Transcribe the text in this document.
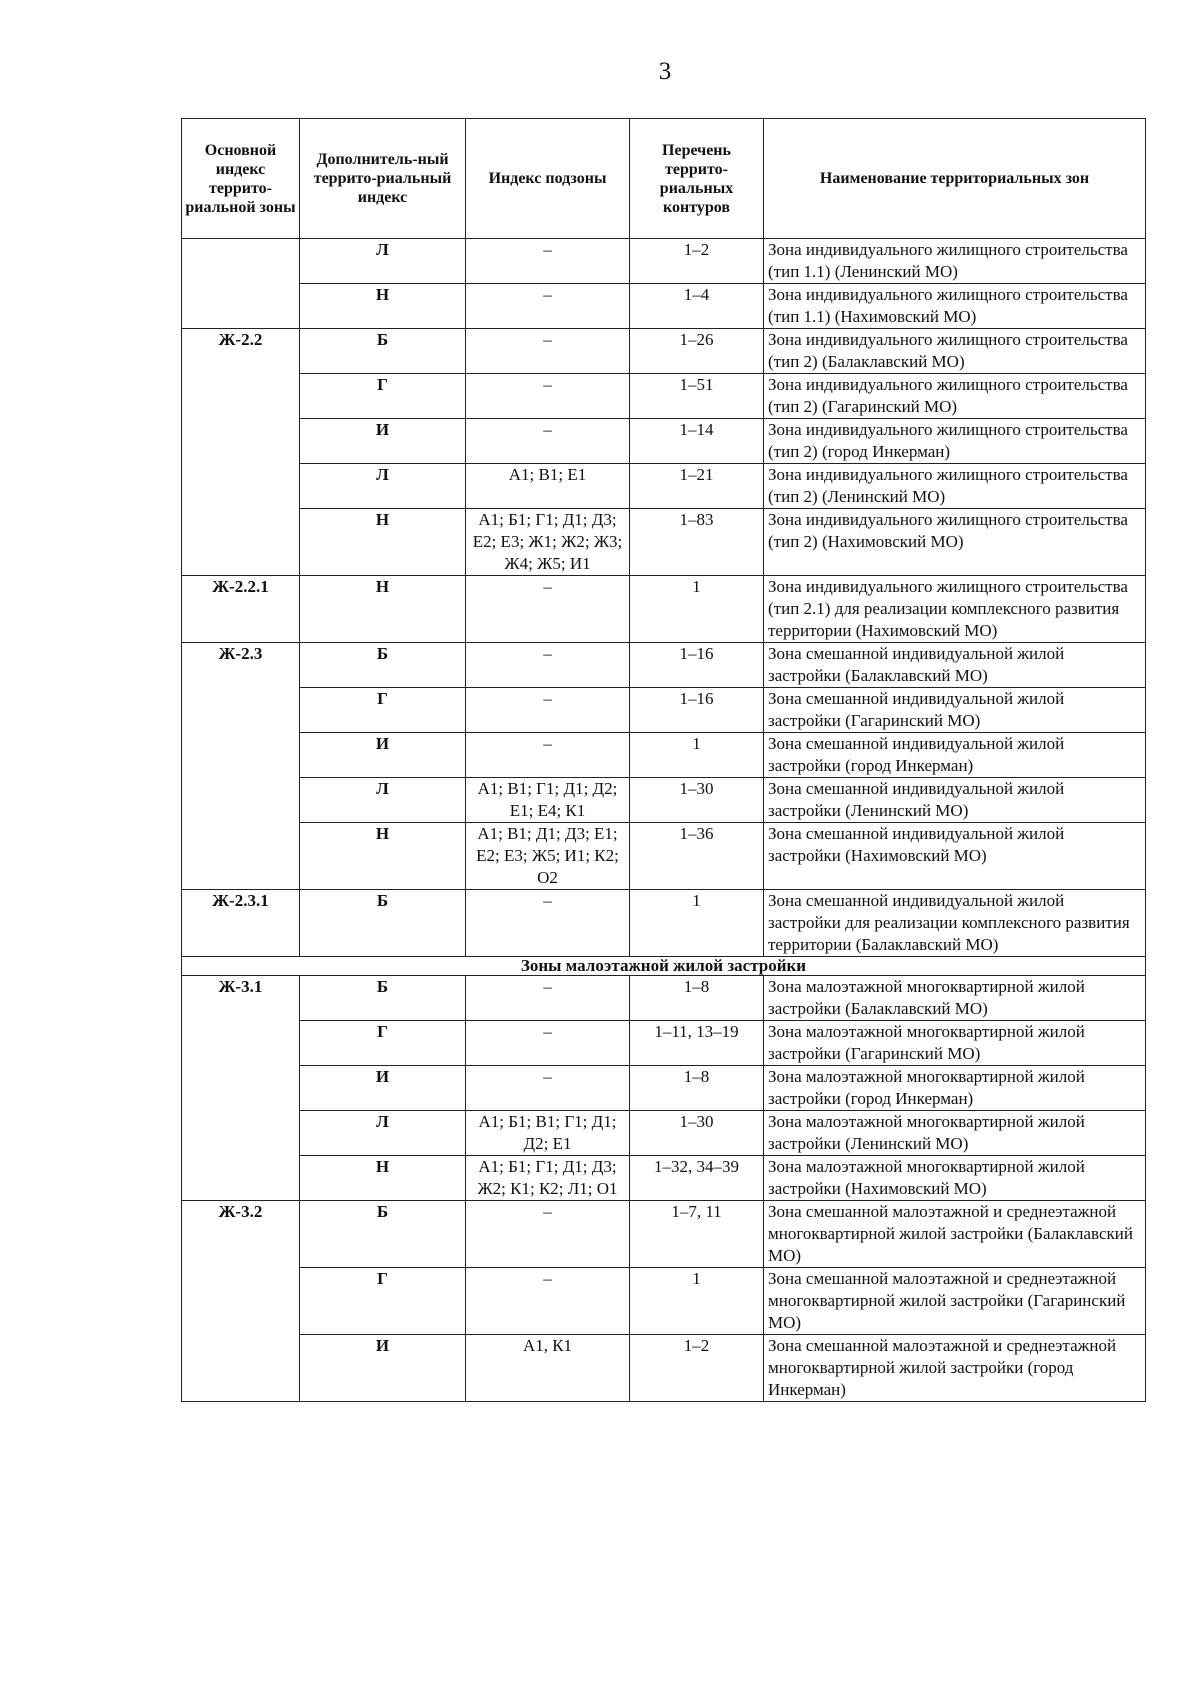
3
Основной индекс террито-риальной зоны	Дополнитель-ный террито-риальный индекс	Индекс подзоны	Перечень террито-риальных контуров	Наименование территориальных зон
	Л	–	1–2	Зона индивидуального жилищного строительства (тип 1.1) (Ленинский МО)
	Н	–	1–4	Зона индивидуального жилищного строительства (тип 1.1) (Нахимовский МО)
Ж-2.2	Б	–	1–26	Зона индивидуального жилищного строительства (тип 2) (Балаклавский МО)
	Г	–	1–51	Зона индивидуального жилищного строительства (тип 2) (Гагаринский МО)
	И	–	1–14	Зона индивидуального жилищного строительства (тип 2) (город Инкерман)
	Л	А1; В1; Е1	1–21	Зона индивидуального жилищного строительства (тип 2) (Ленинский МО)
	Н	А1; Б1; Г1; Д1; Д3; Е2; Е3; Ж1; Ж2; Ж3; Ж4; Ж5; И1	1–83	Зона индивидуального жилищного строительства (тип 2) (Нахимовский МО)
Ж-2.2.1	Н	–	1	Зона индивидуального жилищного строительства (тип 2.1) для реализации комплексного развития территории (Нахимовский МО)
Ж-2.3	Б	–	1–16	Зона смешанной индивидуальной жилой застройки (Балаклавский МО)
	Г	–	1–16	Зона смешанной индивидуальной жилой застройки (Гагаринский МО)
	И	–	1	Зона смешанной индивидуальной жилой застройки (город Инкерман)
	Л	А1; В1; Г1; Д1; Д2; Е1; Е4; К1	1–30	Зона смешанной индивидуальной жилой застройки (Ленинский МО)
	Н	А1; В1; Д1; Д3; Е1; Е2; Е3; Ж5; И1; К2; О2	1–36	Зона смешанной индивидуальной жилой застройки (Нахимовский МО)
Ж-2.3.1	Б	–	1	Зона смешанной индивидуальной жилой застройки для реализации комплексного развития территории (Балаклавский МО)
Зоны малоэтажной жилой застройки				
Ж-3.1	Б	–	1–8	Зона малоэтажной многоквартирной жилой застройки (Балаклавский МО)
	Г	–	1–11, 13–19	Зона малоэтажной многоквартирной жилой застройки (Гагаринский МО)
	И	–	1–8	Зона малоэтажной многоквартирной жилой застройки (город Инкерман)
	Л	А1; Б1; В1; Г1; Д1; Д2; Е1	1–30	Зона малоэтажной многоквартирной жилой застройки (Ленинский МО)
	Н	А1; Б1; Г1; Д1; Д3; Ж2; К1; К2; Л1; О1	1–32, 34–39	Зона малоэтажной многоквартирной жилой застройки (Нахимовский МО)
Ж-3.2	Б	–	1–7, 11	Зона смешанной малоэтажной и среднеэтажной многоквартирной жилой застройки (Балаклавский МО)
	Г	–	1	Зона смешанной малоэтажной и среднеэтажной многоквартирной жилой застройки (Гагаринский МО)
	И	А1, К1	1–2	Зона смешанной малоэтажной и среднеэтажной многоквартирной жилой застройки (город Инкерман)
